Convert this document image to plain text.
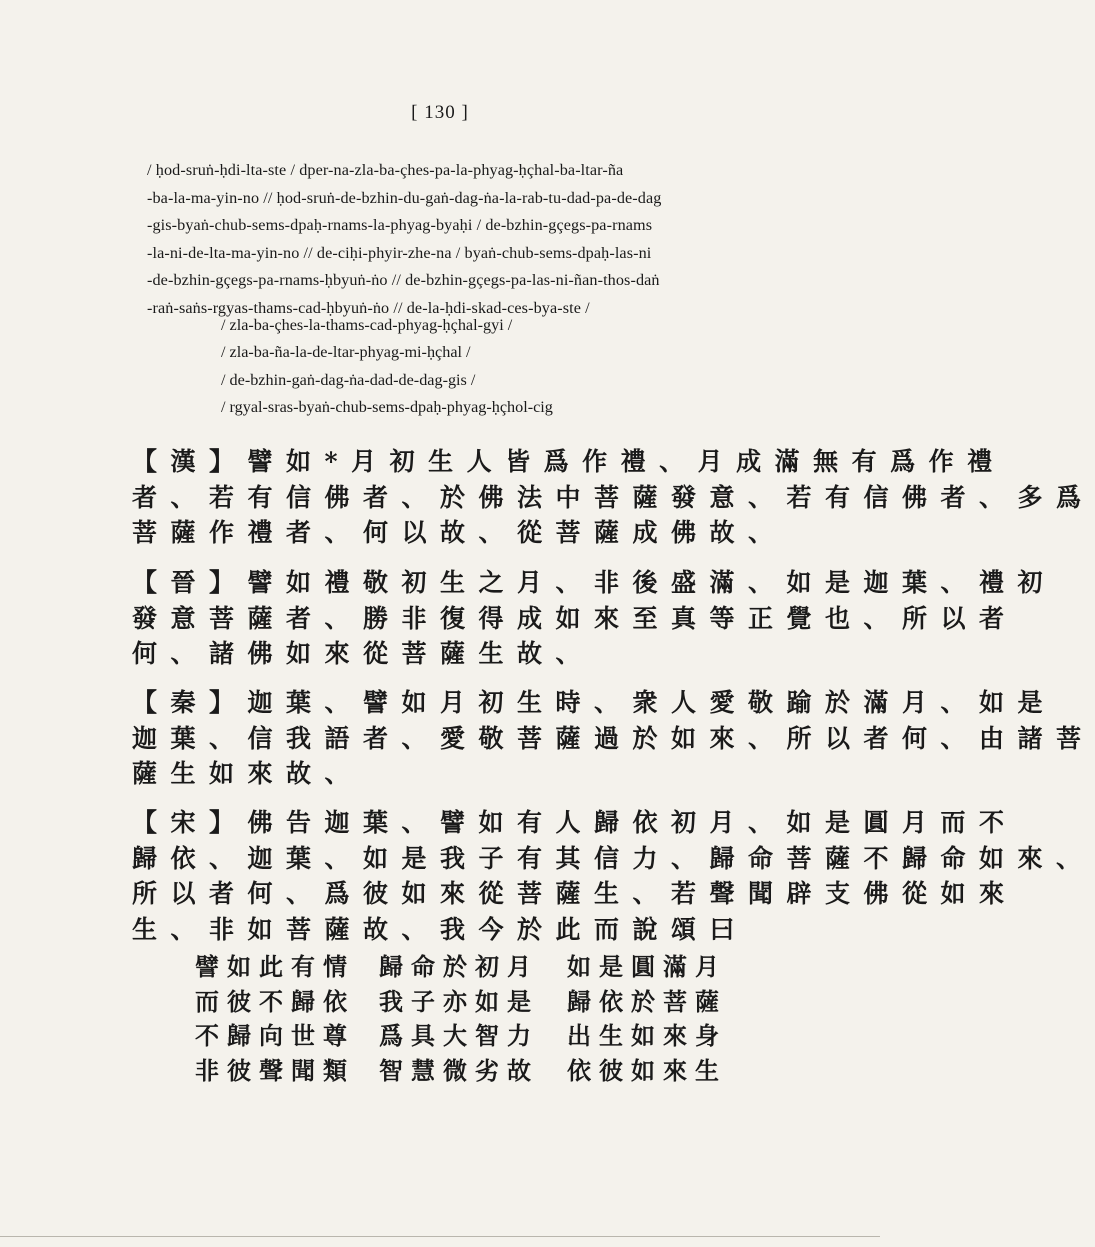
[ 130 ]
/ ḥod-sruṅ-ḥdi-lta-ste / dper-na-zla-ba-çhes-pa-la-phyag-ḥçhal-ba-ltar-ña
-ba-la-ma-yin-no // ḥod-sruṅ-de-bzhin-du-gaṅ-dag-ṅa-la-rab-tu-dad-pa-de-dag
-gis-byaṅ-chub-sems-dpaḥ-rnams-la-phyag-byaḥi / de-bzhin-gçegs-pa-rnams
-la-ni-de-lta-ma-yin-no // de-ciḥi-phyir-zhe-na / byaṅ-chub-sems-dpaḥ-las-ni
-de-bzhin-gçegs-pa-rnams-ḥbyuṅ-ṅo // de-bzhin-gçegs-pa-las-ni-ñan-thos-daṅ
-raṅ-saṅs-rgyas-thams-cad-ḥbyuṅ-ṅo // de-la-ḥdi-skad-ces-bya-ste /
/ zla-ba-çhes-la-thams-cad-phyag-ḥçhal-gyi /
/ zla-ba-ña-la-de-ltar-phyag-mi-ḥçhal /
/ de-bzhin-gaṅ-dag-ṅa-dad-de-dag-gis /
/ rgyal-sras-byaṅ-chub-sems-dpaḥ-phyag-ḥçhol-cig
【漢】譬如*月初生人皆爲作禮、月成滿無有爲作禮
者、若有信佛者、於佛法中菩薩發意、若有信佛者、多爲
菩薩作禮者、何以故、從菩薩成佛故、
【晉】譬如禮敬初生之月、非後盛滿、如是迦葉、禮初
發意菩薩者、勝非復得成如來至真等正覺也、所以者
何、諸佛如來從菩薩生故、
【秦】迦葉、譬如月初生時、衆人愛敬踰於滿月、如是
迦葉、信我語者、愛敬菩薩過於如來、所以者何、由諸菩
薩生如來故、
【宋】佛告迦葉、譬如有人歸依初月、如是圓月而不
歸依、迦葉、如是我子有其信力、歸命菩薩不歸命如來、
所以者何、爲彼如來從菩薩生、若聲聞辟支佛從如來
生、非如菩薩故、我今於此而說頌曰
譬如此有情 歸命於初月 如是圓滿月
而彼不歸依 我子亦如是 歸依於菩薩
不歸向世尊 爲具大智力 出生如來身
非彼聲聞類 智慧微劣故 依彼如來生
